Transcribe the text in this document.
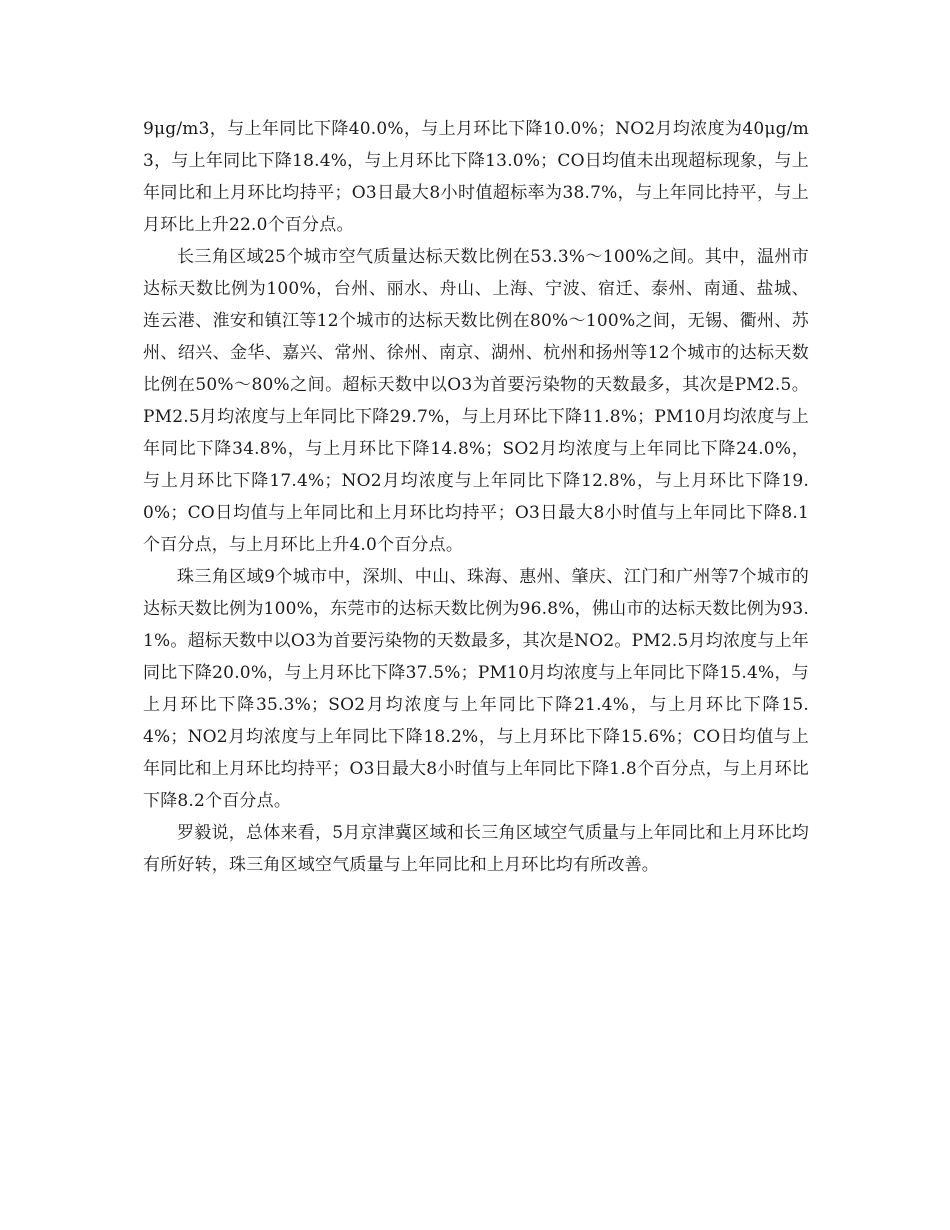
9μg/m3，与上年同比下降40.0%，与上月环比下降10.0%；NO2月均浓度为40μg/m3，与上年同比下降18.4%，与上月环比下降13.0%；CO日均值未出现超标现象，与上年同比和上月环比均持平；O3日最大8小时值超标率为38.7%，与上年同比持平，与上月环比上升22.0个百分点。

长三角区域25个城市空气质量达标天数比例在53.3%～100%之间。其中，温州市达标天数比例为100%，台州、丽水、舟山、上海、宁波、宿迁、泰州、南通、盐城、连云港、淮安和镇江等12个城市的达标天数比例在80%～100%之间，无锡、衢州、苏州、绍兴、金华、嘉兴、常州、徐州、南京、湖州、杭州和扬州等12个城市的达标天数比例在50%～80%之间。超标天数中以O3为首要污染物的天数最多，其次是PM2.5。PM2.5月均浓度与上年同比下降29.7%，与上月环比下降11.8%；PM10月均浓度与上年同比下降34.8%，与上月环比下降14.8%；SO2月均浓度与上年同比下降24.0%，与上月环比下降17.4%；NO2月均浓度与上年同比下降12.8%，与上月环比下降19.0%；CO日均值与上年同比和上月环比均持平；O3日最大8小时值与上年同比下降8.1个百分点，与上月环比上升4.0个百分点。

珠三角区域9个城市中，深圳、中山、珠海、惠州、肇庆、江门和广州等7个城市的达标天数比例为100%，东莞市的达标天数比例为96.8%，佛山市的达标天数比例为93.1%。超标天数中以O3为首要污染物的天数最多，其次是NO2。PM2.5月均浓度与上年同比下降20.0%，与上月环比下降37.5%；PM10月均浓度与上年同比下降15.4%，与上月环比下降35.3%；SO2月均浓度与上年同比下降21.4%，与上月环比下降15.4%；NO2月均浓度与上年同比下降18.2%，与上月环比下降15.6%；CO日均值与上年同比和上月环比均持平；O3日最大8小时值与上年同比下降1.8个百分点，与上月环比下降8.2个百分点。

罗毅说，总体来看，5月京津冀区域和长三角区域空气质量与上年同比和上月环比均有所好转，珠三角区域空气质量与上年同比和上月环比均有所改善。
